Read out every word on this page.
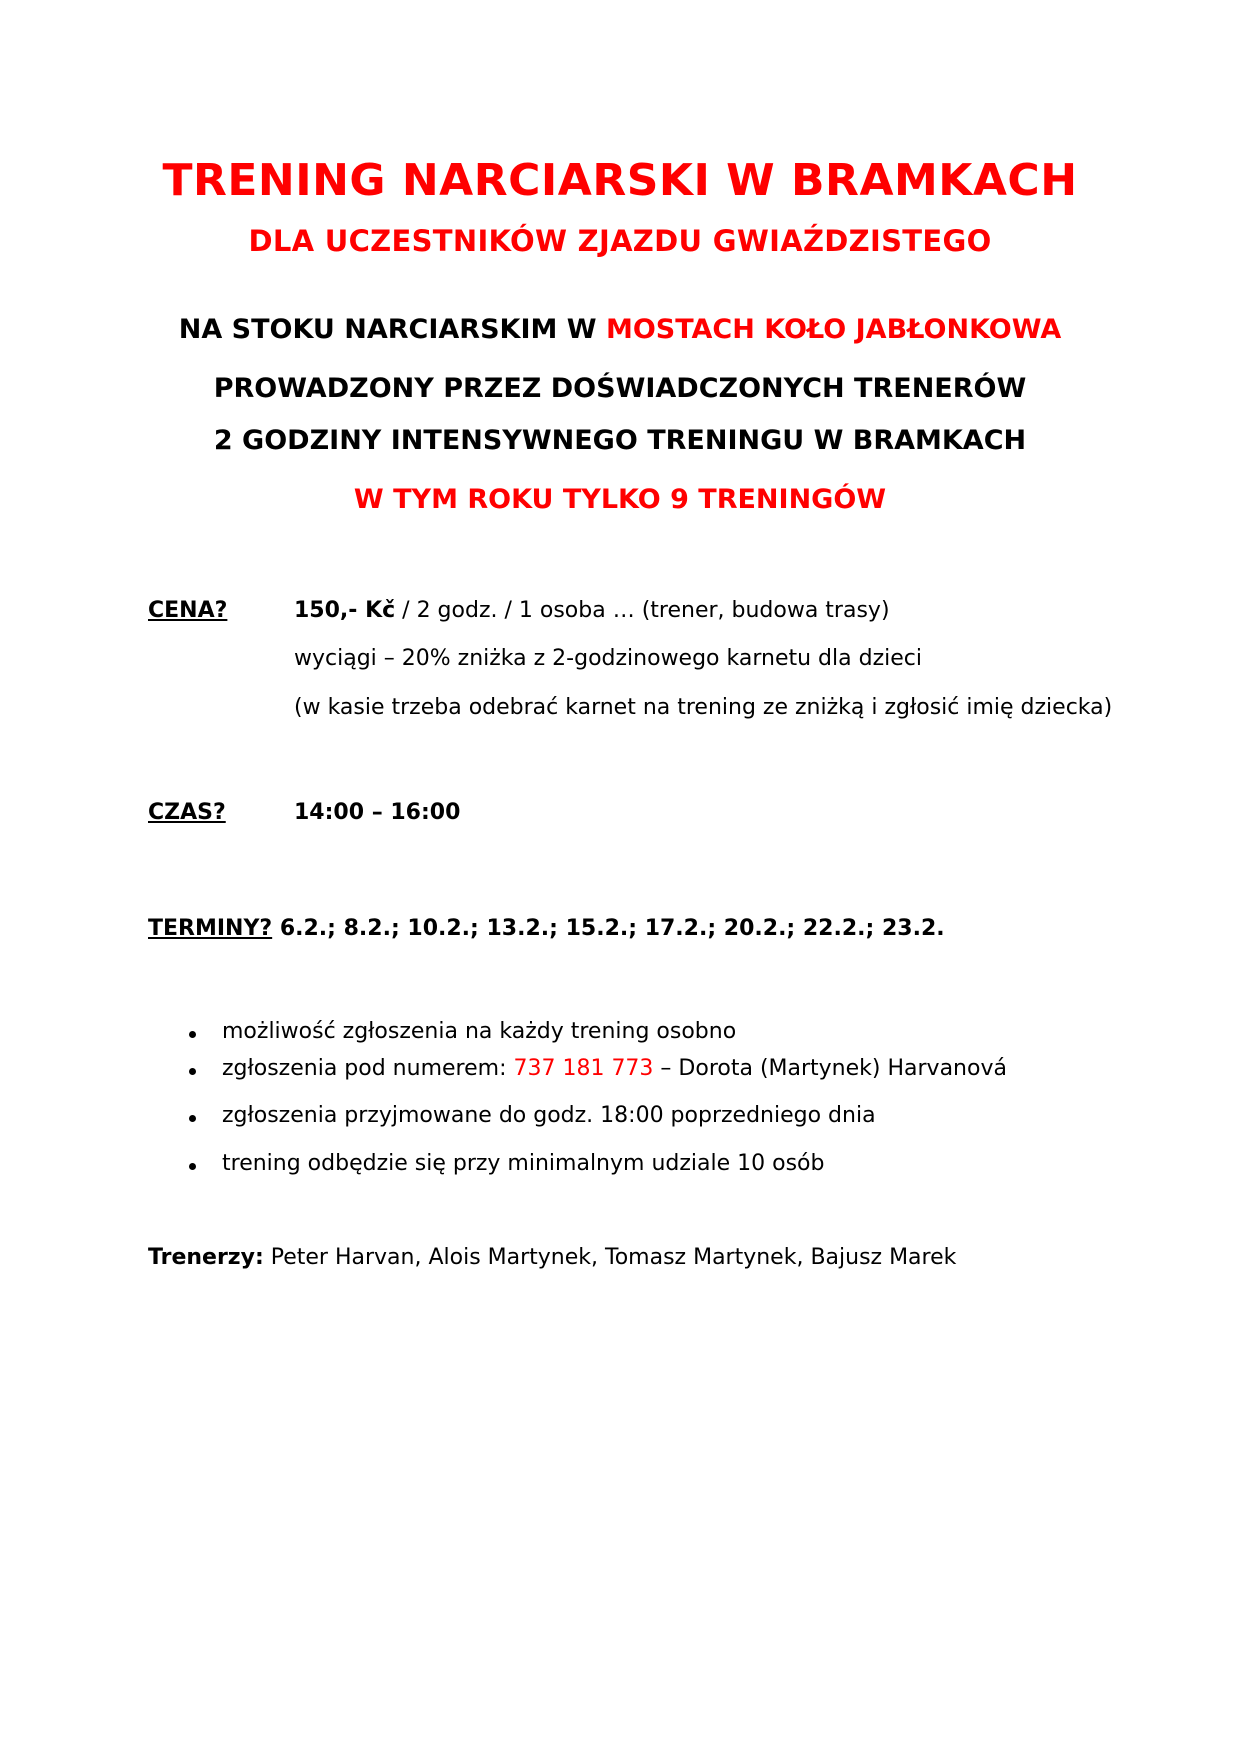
TRENING NARCIARSKI W BRAMKACH
DLA UCZESTNIKÓW ZJAZDU GWIAŹDZISTEGO
NA STOKU NARCIARSKIM W MOSTACH KOŁO JABŁONKOWA
PROWADZONY PRZEZ DOŚWIADCZONYCH TRENERÓW
2 GODZINY INTENSYWNEGO TRENINGU W BRAMKACH
W TYM ROKU TYLKO 9 TRENINGÓW
CENA?	150,- Kč / 2 godz. / 1 osoba … (trener, budowa trasy)
wyciągi – 20% zniżka z 2-godzinowego karnetu dla dzieci
(w kasie trzeba odebrać karnet na trening ze zniżką i zgłosić imię dziecka)
CZAS?	14:00 – 16:00
TERMINY? 6.2.; 8.2.; 10.2.; 13.2.; 15.2.; 17.2.; 20.2.; 22.2.; 23.2.
możliwość zgłoszenia na każdy trening osobno
zgłoszenia pod numerem: 737 181 773 – Dorota (Martynek) Harvanová
zgłoszenia przyjmowane do godz. 18:00 poprzedniego dnia
trening odbędzie się przy minimalnym udziale 10 osób
Trenerzy: Peter Harvan, Alois Martynek, Tomasz Martynek, Bajusz Marek
